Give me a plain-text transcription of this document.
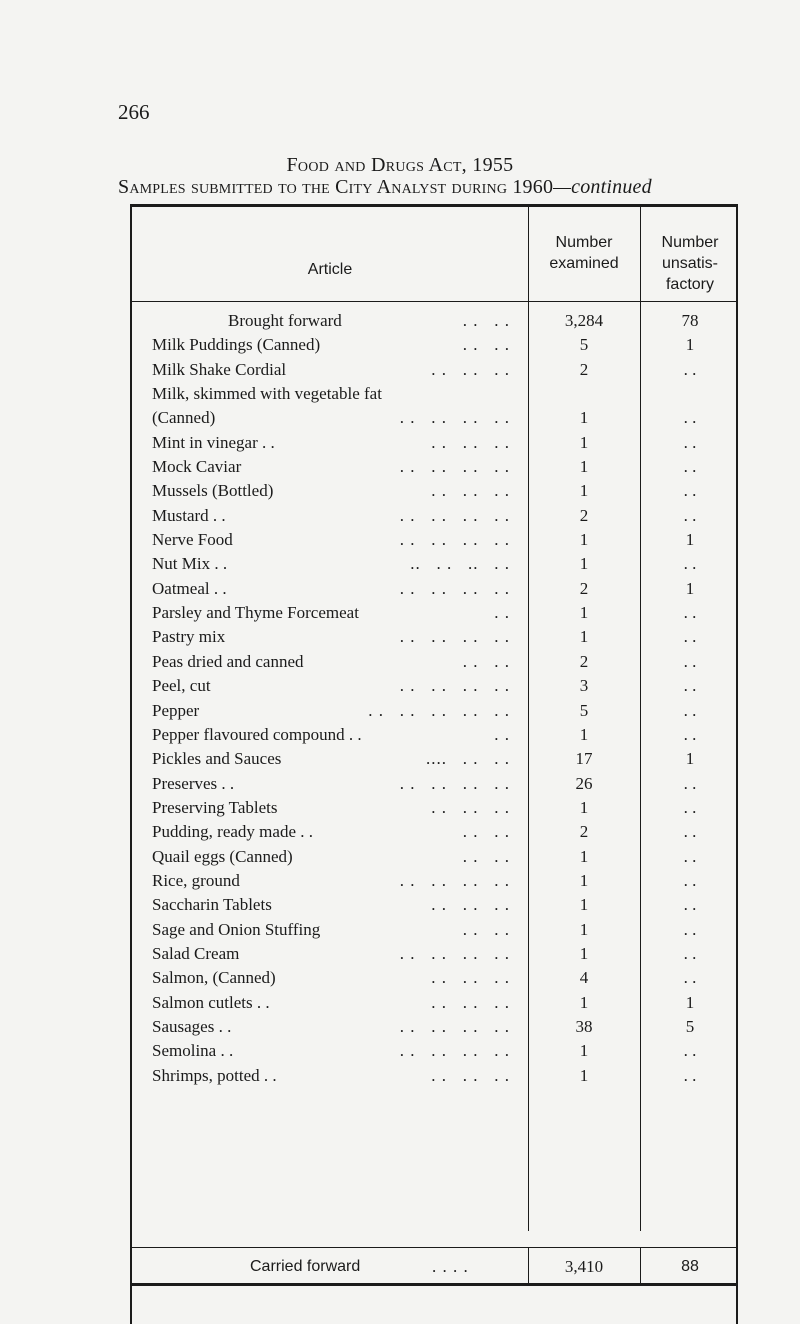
266
Food and Drugs Act, 1955
Samples submitted to the City Analyst during 1960—continued
Article
Number
examined
Number
unsatis-
factory
Brought forward	. .   . .	3,284	78
Milk Puddings (Canned)	. .   . .	5	1
Milk Shake Cordial	. .   . .   . .	2	. .
Milk, skimmed with vegetable fat
(Canned)	. .   . .   . .   . .	1	. .
Mint in vinegar . .	. .   . .   . .	1	. .
Mock Caviar	. .   . .   . .   . .	1	. .
Mussels (Bottled)	. .   . .   . .	1	. .
Mustard . .	. .   . .   . .   . .	2	. .
Nerve Food	. .   . .   . .   . .	1	1
Nut Mix . .	..   . .   ..   . .	1	. .
Oatmeal . .	. .   . .   . .   . .	2	1
Parsley and Thyme Forcemeat	. .	1	. .
Pastry mix	. .   . .   . .   . .	1	. .
Peas dried and canned	. .   . .	2	. .
Peel, cut	. .   . .   . .   . .	3	. .
Pepper	. .   . .   . .   . .   . .	5	. .
Pepper flavoured compound . .	. .	1	. .
Pickles and Sauces	....   . .   . .	17	1
Preserves . .	. .   . .   . .   . .	26	. .
Preserving Tablets	. .   . .   . .	1	. .
Pudding, ready made . .	. .   . .	2	. .
Quail eggs (Canned)	. .   . .	1	. .
Rice, ground	. .   . .   . .   . .	1	. .
Saccharin Tablets	. .   . .   . .	1	. .
Sage and Onion Stuffing	. .   . .	1	. .
Salad Cream	. .   . .   . .   . .	1	. .
Salmon, (Canned)	. .   . .   . .	4	. .
Salmon cutlets . .	. .   . .   . .	1	1
Sausages . .	. .   . .   . .   . .	38	5
Semolina . .	. .   . .   . .   . .	1	. .
Shrimps, potted . .	. .   . .   . .	1	. .
Carried forward	. . . .	3,410	88
